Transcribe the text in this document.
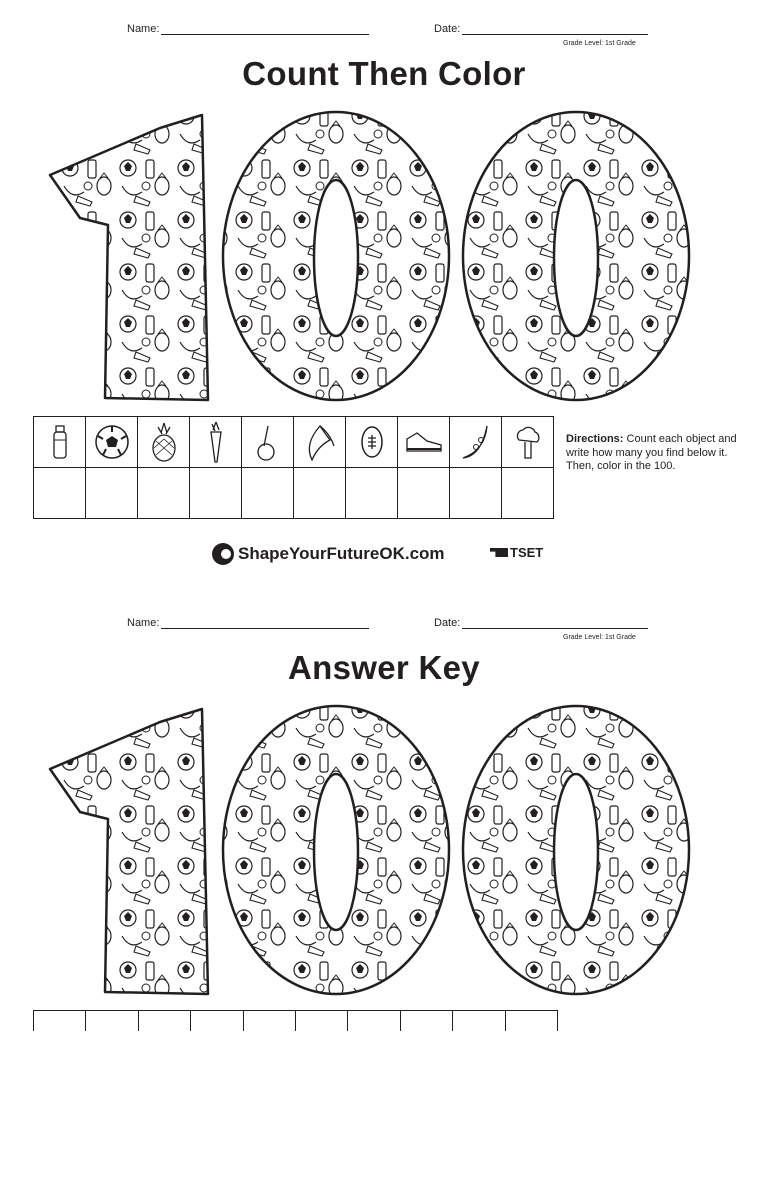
Name:	Date:
Grade Level: 1st Grade
Count Then Color

Directions: Count each object and write how many you find below it. Then, color in the 100.
ShapeYourFutureOK.com	TSET
Name:	Date:
Grade Level: 1st Grade
Answer Key
